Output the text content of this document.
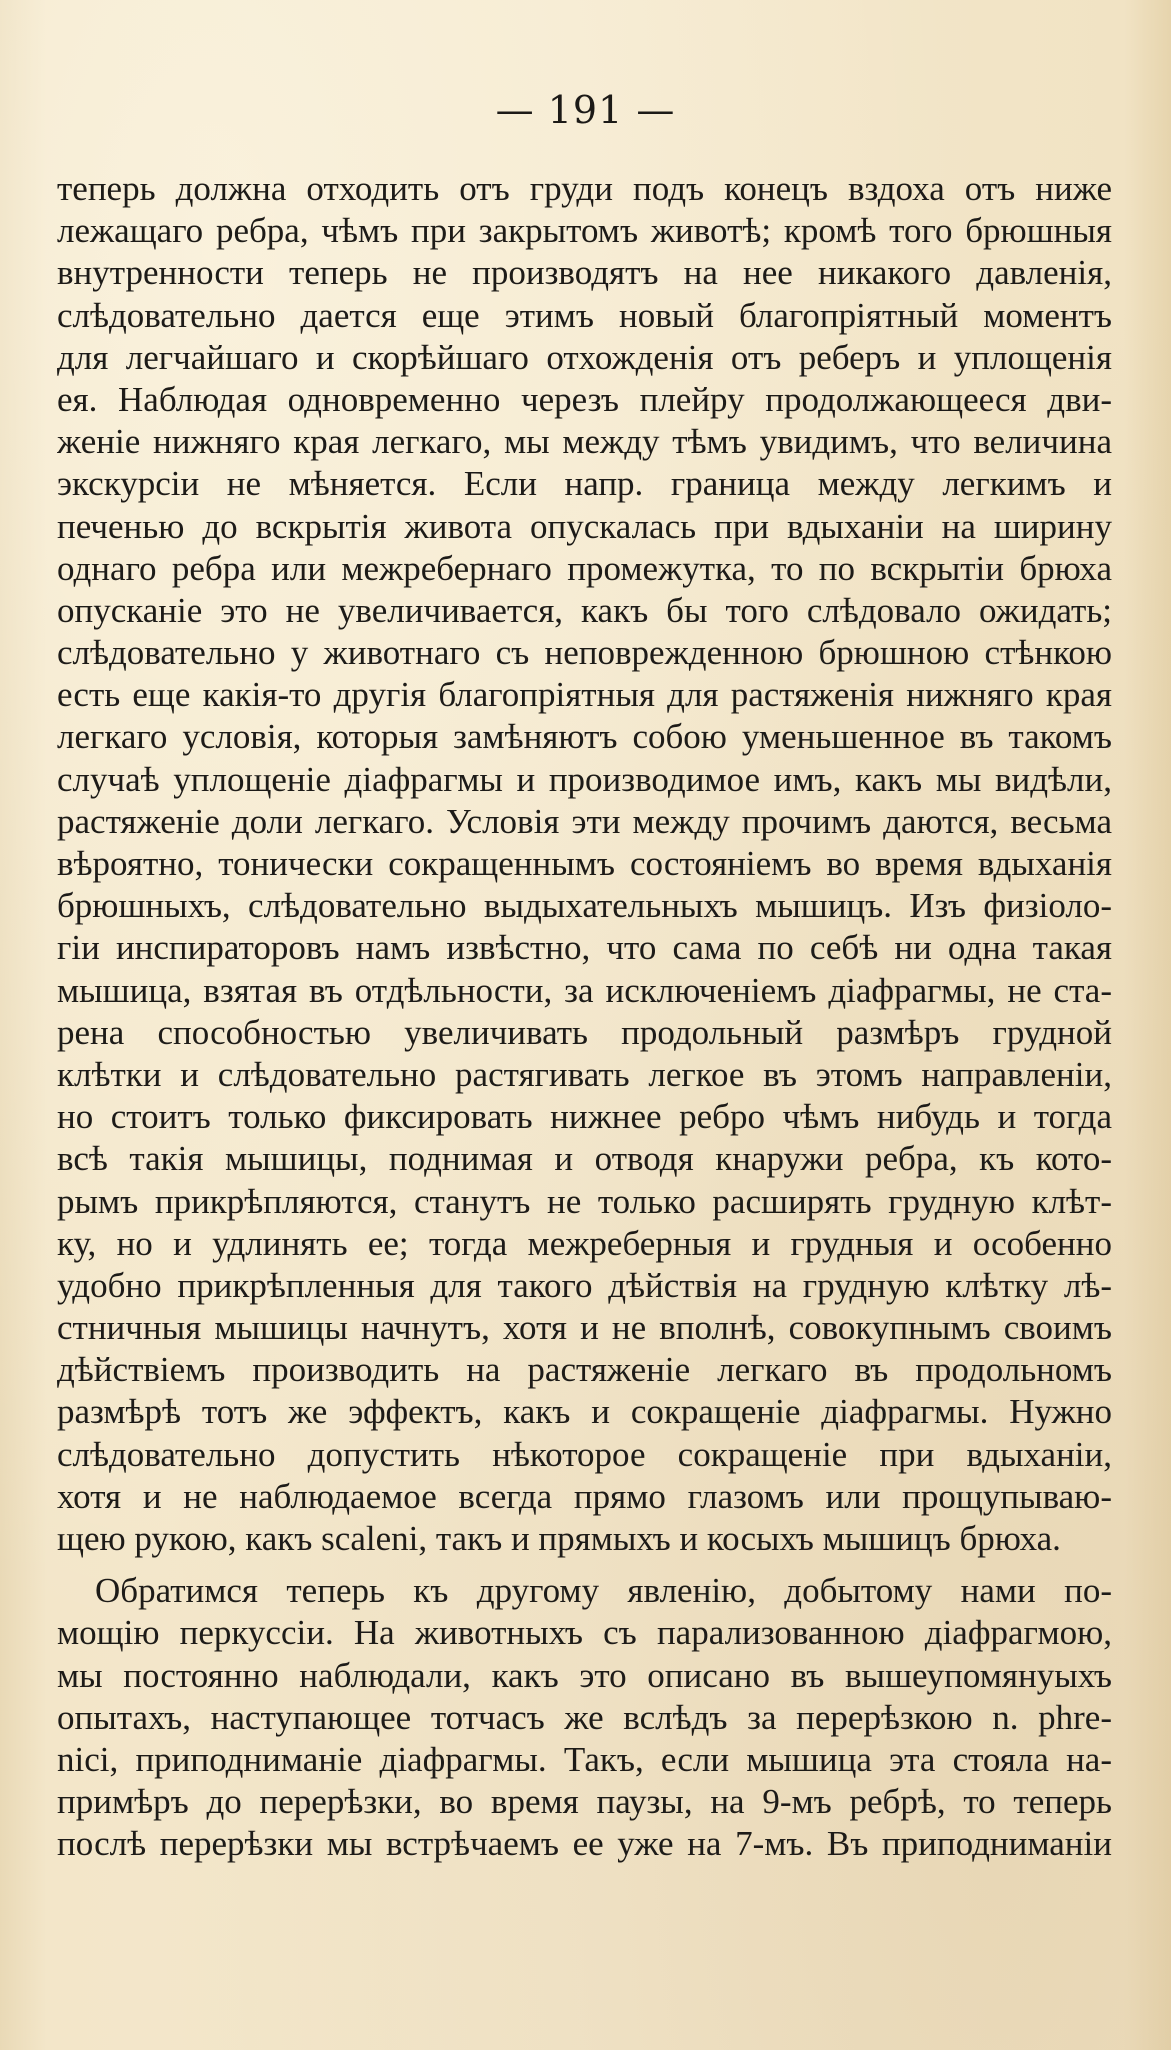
— 191 —
теперь должна отходить отъ груди подъ конецъ вздоха отъ ниже
лежащаго ребра, чѣмъ при закрытомъ животѣ; кромѣ того брюшныя
внутренности теперь не производятъ на нее никакого давленія,
слѣдовательно дается еще этимъ новый благопріятный моментъ
для легчайшаго и скорѣйшаго отхожденія отъ реберъ и уплощенія
ея. Наблюдая одновременно черезъ плейру продолжающееся дви-
женіе нижняго края легкаго, мы между тѣмъ увидимъ, что величина
экскурсіи не мѣняется. Если напр. граница между легкимъ и
печенью до вскрытія живота опускалась при вдыханіи на ширину
однаго ребра или межребернаго промежутка, то по вскрытіи брюха
опусканіе это не увеличивается, какъ бы того слѣдовало ожидать;
слѣдовательно у животнаго съ неповрежденною брюшною стѣнкою
есть еще какія-то другія благопріятныя для растяженія нижняго края
легкаго условія, которыя замѣняютъ собою уменьшенное въ такомъ
случаѣ уплощеніе діафрагмы и производимое имъ, какъ мы видѣли,
растяженіе доли легкаго. Условія эти между прочимъ даются, весьма
вѣроятно, тонически сокращеннымъ состояніемъ во время вдыханія
брюшныхъ, слѣдовательно выдыхательныхъ мышицъ. Изъ физіоло-
гіи инспираторовъ намъ извѣстно, что сама по себѣ ни одна такая
мышица, взятая въ отдѣльности, за исключеніемъ діафрагмы, не ста-
рена способностью увеличивать продольный размѣръ грудной
клѣтки и слѣдовательно растягивать легкое въ этомъ направленіи,
но стоитъ только фиксировать нижнее ребро чѣмъ нибудь и тогда
всѣ такія мышицы, поднимая и отводя кнаружи ребра, къ кото-
рымъ прикрѣпляются, станутъ не только расширять грудную клѣт-
ку, но и удлинять ее; тогда межреберныя и грудныя и особенно
удобно прикрѣпленныя для такого дѣйствія на грудную клѣтку лѣ-
стничныя мышицы начнутъ, хотя и не вполнѣ, совокупнымъ своимъ
дѣйствіемъ производить на растяженіе легкаго въ продольномъ
размѣрѣ тотъ же эффектъ, какъ и сокращеніе діафрагмы. Нужно
слѣдовательно допустить нѣкоторое сокращеніе при вдыханіи,
хотя и не наблюдаемое всегда прямо глазомъ или прощупываю-
щею рукою, какъ scaleni, такъ и прямыхъ и косыхъ мышицъ брюха.
Обратимся теперь къ другому явленію, добытому нами по-
мощію перкуссіи. На животныхъ съ парализованною діафрагмою,
мы постоянно наблюдали, какъ это описано въ вышеупомянуыхъ
опытахъ, наступающее тотчасъ же вслѣдъ за перерѣзкою n. phre-
nici, приподниманіе діафрагмы. Такъ, если мышица эта стояла на-
примѣръ до перерѣзки, во время паузы, на 9-мъ ребрѣ, то теперь
послѣ перерѣзки мы встрѣчаемъ ее уже на 7-мъ. Въ приподниманіи
